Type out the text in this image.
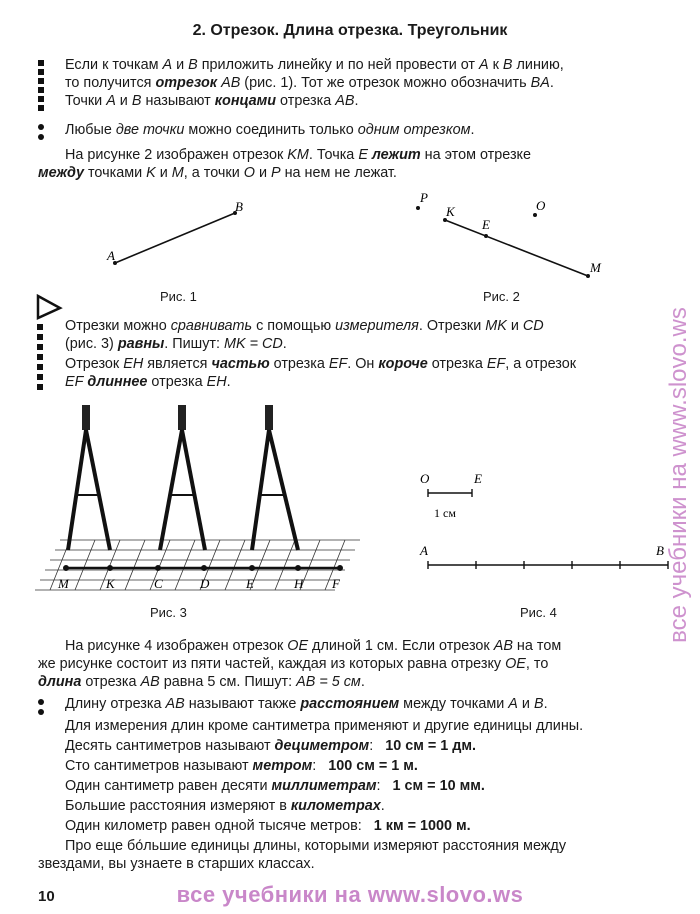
2. Отрезок. Длина отрезка. Треугольник

Если к точкам A и B приложить линейку и по ней провести от A к B линию,
то получится отрезок AB (рис. 1). Тот же отрезок можно обозначить BA.
Точки A и B называют концами отрезка AB.

Любые две точки можно соединить только одним отрезком.

На рисунке 2 изображен отрезок KM. Точка E лежит на этом отрезке
между точками K и M, а точки O и P на нем не лежат.

A
B
P
K
E
O
M
Рис. 1	Рис. 2

Отрезки можно сравнивать с помощью измерителя. Отрезки MK и CD
(рис. 3) равны. Пишут: MK = CD.

Отрезок EH является частью отрезка EF. Он короче отрезка EF, а отрезок
EF длиннее отрезка EH.

M	K	C	D	E	H F
Рис. 3
O	E
1 см
A	B
Рис. 4

На рисунке 4 изображен отрезок OE длиной 1 см. Если отрезок AB на том
же рисунке состоит из пяти частей, каждая из которых равна отрезку OE, то
длина отрезка AB равна 5 см. Пишут: AB = 5 см.

Длину отрезка AB называют также расстоянием между точками A и B.

Для измерения длин кроме сантиметра применяют и другие единицы длины.

Десять сантиметров называют дециметром: 10 см = 1 дм.

Сто сантиметров называют метром: 100 см = 1 м.

Один сантиметр равен десяти миллиметрам: 1 см = 10 мм.

Большие расстояния измеряют в километрах.

Один километр равен одной тысяче метров: 1 км = 1000 м.

Про еще бо́льшие единицы длины, которыми измеряют расстояния между
звездами, вы узнаете в старших классах.

10	все учебники на www.slovo.ws
все учебники на www.slovo.ws
